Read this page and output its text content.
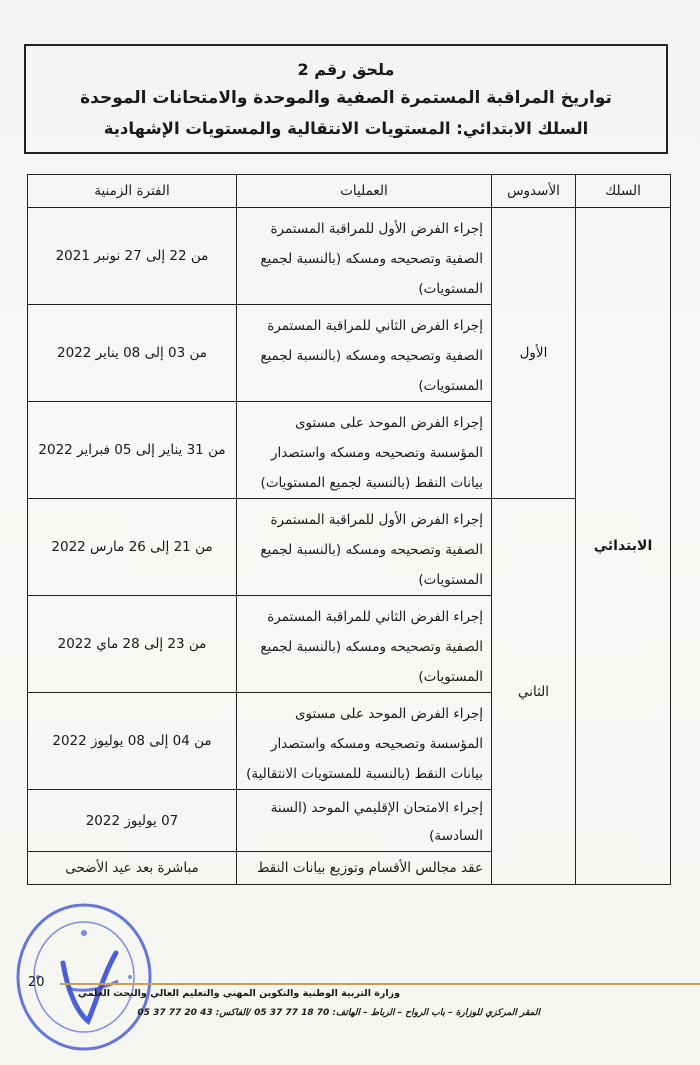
ملحق رقم 2
تواريخ المراقبة المستمرة الصفية والموحدة والامتحانات الموحدة
السلك الابتدائي: المستويات الانتقالية والمستويات الإشهادية
السلك	الأسدوس	العمليات	الفترة الزمنية
الابتدائي	الأول	إجراء الفرض الأول للمراقبة المستمرة الصفية وتصحيحه ومسكه (بالنسبة لجميع المستويات)	من 22 إلى 27 نونبر 2021
		إجراء الفرض الثاني للمراقبة المستمرة الصفية وتصحيحه ومسكه (بالنسبة لجميع المستويات)	من 03 إلى 08 يناير 2022
		إجراء الفرض الموحد على مستوى المؤسسة وتصحيحه ومسكه واستصدار بيانات النقط (بالنسبة لجميع المستويات)	من 31 يناير إلى 05 فبراير 2022
	الثاني	إجراء الفرض الأول للمراقبة المستمرة الصفية وتصحيحه ومسكه (بالنسبة لجميع المستويات)	من 21 إلى 26 مارس 2022
		إجراء الفرض الثاني للمراقبة المستمرة الصفية وتصحيحه ومسكه (بالنسبة لجميع المستويات)	من 23 إلى 28 ماي 2022
		إجراء الفرض الموحد على مستوى المؤسسة وتصحيحه ومسكه واستصدار بيانات النقط (بالنسبة للمستويات الانتقالية)	من 04 إلى 08 يوليوز 2022
		إجراء الامتحان الإقليمي الموحد (السنة السادسة)	07 يوليوز 2022
		عقد مجالس الأقسام وتوزيع بيانات النقط	مباشرة بعد عيد الأضحى
20
وزارة التربية الوطنية والتكوين المهني والتعليم العالي والبحث العلمي
المقر المركزي للوزارة – باب الرواح – الرباط – الهاتف: 70 18 77 37 05 /الفاكس: 43 20 77 37 05
